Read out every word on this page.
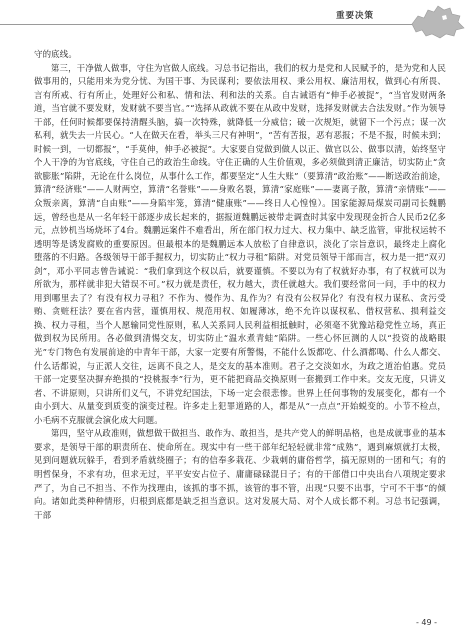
重要决策

守的底线。

第三，干净做人做事，守住为官做人底线。习总书记指出，我们的权力是党和人民赋予的，是为党和人民做事用的，只能用来为党分忧、为国干事、为民谋利；要依法用权、秉公用权、廉洁用权，做到心有所畏、言有所戒、行有所止，处理好公和私、情和法、利和法的关系。自古诫语有“伸手必被捉”，“当官发财两条道，当官就不要发财，发财就不要当官。”“选择从政就不要在从政中发财，选择发财就去合法发财。”作为领导干部，任何时候都要保持清醒头脑，搞一次特殊，就降低一分威信；破一次规矩，就留下一个污点；谋一次私利，就失去一片民心。“人在做天在看，举头三尺有神明”，“苦有苦报，恶有恶报；不是不报，时候未到；时候一到，一切都报”，“手莫伸，伸手必被捉”。大家要自觉做到做人以正、做官以公、做事以清，始终坚守个人干净的为官底线，守住自己的政治生命线。守住正确的人生价值观，多必须做到清正廉洁，切实防止“贪欲膨胀”陷阱，无论在什么岗位，从事什么工作，都要坚定“人生大账”（要算清“政治账”——断送政治前途，算清“经济账”——人财两空，算清“名誉账”——身败名裂，算清“家庭账”——妻离子散，算清“亲情账”——众叛亲离，算清“自由账”——身陷牢笼，算清“健康账”——终日人心惶惶）。国家能源局煤炭司副司长魏鹏远，曾经也是从一名年轻干部逐步成长起来的，据报道魏鹏远被带走调查时其家中发现现金折合人民币2亿多元，点钞机当场烧坏了4台。魏鹏远案件不难看出，所在部门权力过大、权力集中、缺乏监管，审批权运转不透明等是诱发腐败的重要原因。但最根本的是魏鹏远本人放松了自律意识，淡化了宗旨意识，最终走上腐化堕落的不归路。各级领导干部手握权力，切实防止“权力寻租”陷阱。对党员领导干部而言，权力是一把“双刃剑”，邓小平同志曾告诫说：“我们拿到这个权以后，就要谨慎。不要以为有了权就好办事，有了权就可以为所欲为，那样就非犯大错误不可。”权力就是责任，权力越大，责任就越大。我们要经常问一问，手中的权力用到哪里去了？有没有权力寻租？不作为、慢作为、乱作为？有没有公权异化？有没有权力谋私、贪污受贿、贪赃枉法？要在省内营，谨慎用权、规范用权、如履薄冰，绝不允许以谋权私、借权营私、损利益交换、权力寻租，当个人愿输同党性原则，私人关系同人民利益相抵触时，必须毫不犹豫站稳党性立场，真正做到权为民所用。各必做到清惕交友，切实防止“温水煮青蛙”陷阱。一些心怀叵测的人以“投资的战略眼光”专门物色有发展前途的中青年干部，大家一定要有所警惕，不能什么饭都吃、什么酒都喝、什么人都交、什么话都说，与正派人交往，远离不良之人，是交友的基本准则。君子之交淡如水，为政之道治伯惠。党员干部一定要坚决摒弃绝损的“投桃报李”行为，更不能把商品交换原则一套搬到工作中来。交友无度，只讲义者、不讲原则，只讲所们义气，不讲党纪国法，下场一定会很悲惨。世界上任何事物的发展变化，都有一个由小到大、从量变到质变的演变过程。许多走上犯罪道路的人，都是从“一点点”开始蜕变的。小节不检点，小毛病不克服就会演化成大问题。

第四，坚守从政准则，做想做干做担当、敢作为、敢担当，是共产党人的鲜明品格，也是成就事业的基本要求，是领导干部的职责所在、使命所在。现实中有一些干部年纪轻轻就非常“成熟”，遇到麻烦就打太极，见到问题就玩躲手，看到矛盾就绕圈子；有的信奉多栽花、少栽刺的庸俗哲学，搞无原则的一团和气；有的明哲保身，不求有功，但求无过，平平安安占位子、庸庸碌碌混日子；有的干部借口中央出台八项规定要求严了，为自己不担当、不作为找理由，该抓的事不抓，该管的事不管，出现“只要不出事，宁可不干事”的倾向。诸如此类种种情形，归根到底都是缺乏担当意识。这对发展大局、对个人成长都不利。习总书记强调，干部

- 49 -
